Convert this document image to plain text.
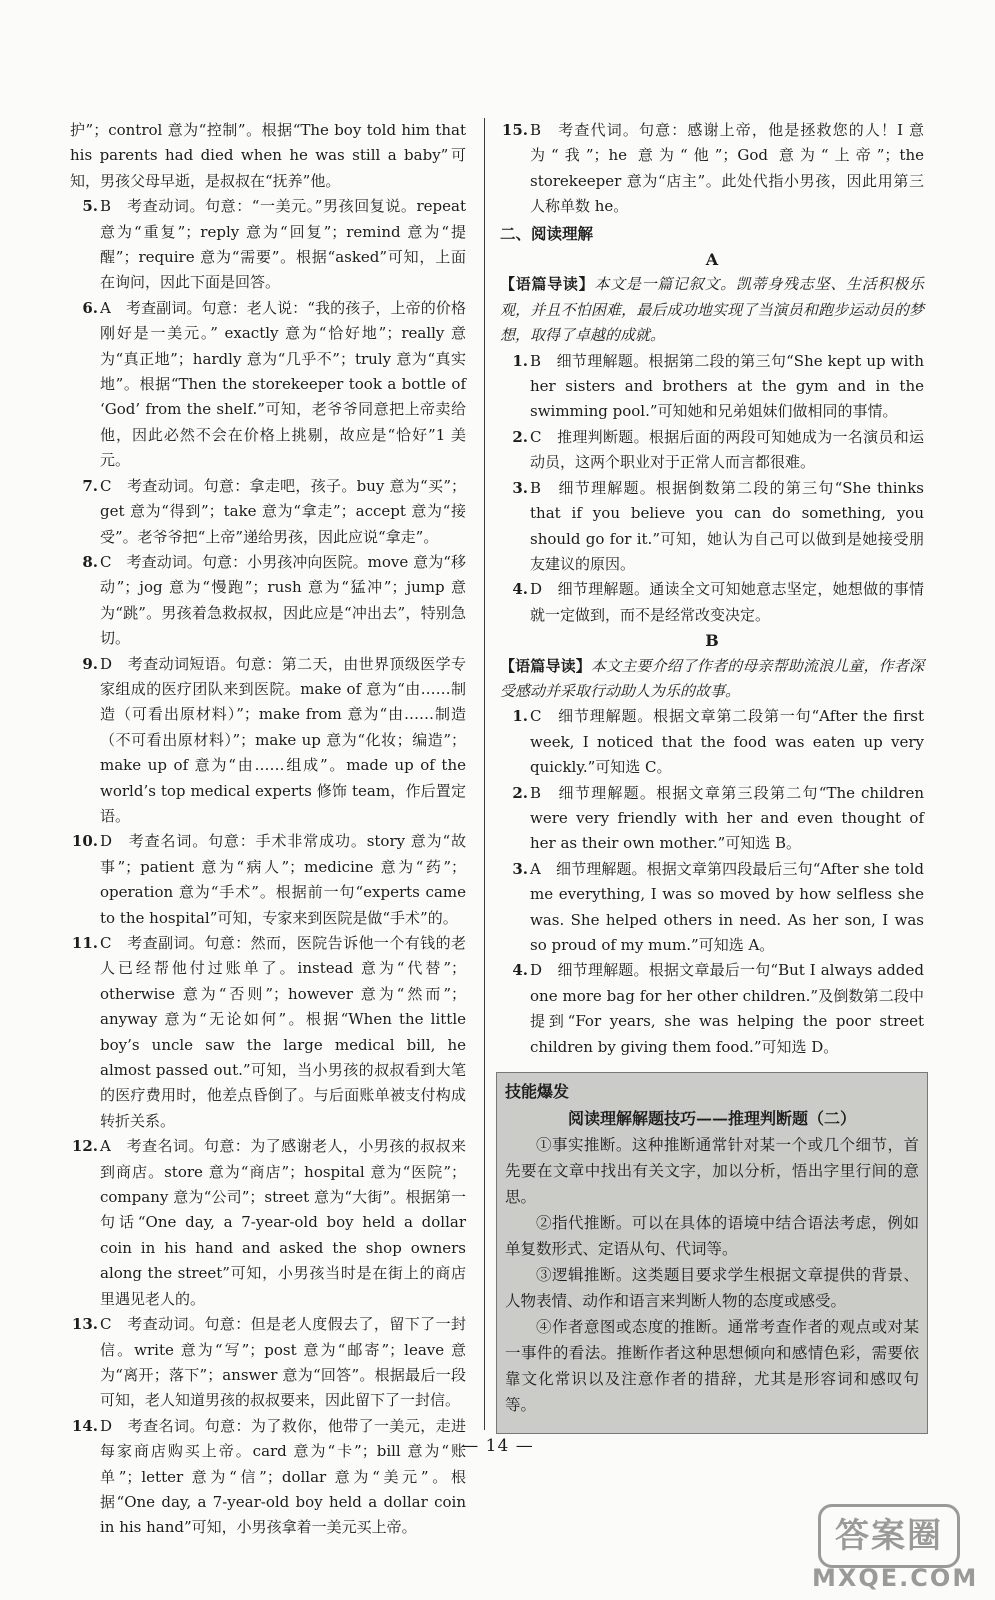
护”；control 意为“控制”。根据“The boy told him that his parents had died when he was still a baby”可知，男孩父母早逝，是叔叔在“抚养”他。

5. B　考查动词。句意：“一美元。”男孩回复说。repeat 意为“重复”；reply 意为“回复”；remind 意为“提醒”；require 意为“需要”。根据“asked”可知，上面在询问，因此下面是回答。
6. A　考查副词。句意：老人说：“我的孩子，上帝的价格刚好是一美元。” exactly 意为“恰好地”；really 意为“真正地”；hardly 意为“几乎不”；truly 意为“真实地”。根据“Then the storekeeper took a bottle of ‘God’ from the shelf.”可知，老爷爷同意把上帝卖给他，因此必然不会在价格上挑剔，故应是“恰好”1 美元。
7. C　考查动词。句意：拿走吧，孩子。buy 意为“买”；get 意为“得到”；take 意为“拿走”；accept 意为“接受”。老爷爷把“上帝”递给男孩，因此应说“拿走”。
8. C　考查动词。句意：小男孩冲向医院。move 意为“移动”；jog 意为“慢跑”；rush 意为“猛冲”；jump 意为“跳”。男孩着急救叔叔，因此应是“冲出去”，特别急切。
9. D　考查动词短语。句意：第二天，由世界顶级医学专家组成的医疗团队来到医院。make of 意为“由……制造（可看出原材料）”；make from 意为“由……制造（不可看出原材料）”；make up 意为“化妆；编造”；make up of 意为“由……组成”。made up of the world’s top medical experts 修饰 team，作后置定语。
10. D　考查名词。句意：手术非常成功。story 意为“故事”；patient 意为“病人”；medicine 意为“药”；operation 意为“手术”。根据前一句“experts came to the hospital”可知，专家来到医院是做“手术”的。
11. C　考查副词。句意：然而，医院告诉他一个有钱的老人已经帮他付过账单了。instead 意为“代替”；otherwise 意为“否则”；however 意为“然而”；anyway 意为“无论如何”。根据“When the little boy’s uncle saw the large medical bill, he almost passed out.”可知，当小男孩的叔叔看到大笔的医疗费用时，他差点昏倒了。与后面账单被支付构成转折关系。
12. A　考查名词。句意：为了感谢老人，小男孩的叔叔来到商店。store 意为“商店”；hospital 意为“医院”；company 意为“公司”；street 意为“大街”。根据第一句话“One day, a 7-year-old boy held a dollar coin in his hand and asked the shop owners along the street”可知，小男孩当时是在街上的商店里遇见老人的。
13. C　考查动词。句意：但是老人度假去了，留下了一封信。write 意为“写”；post 意为“邮寄”；leave 意为“离开；落下”；answer 意为“回答”。根据最后一段可知，老人知道男孩的叔叔要来，因此留下了一封信。
14. D　考查名词。句意：为了救你，他带了一美元，走进每家商店购买上帝。card 意为“卡”；bill 意为“账单”；letter 意为“信”；dollar 意为“美元”。根据“One day, a 7-year-old boy held a dollar coin in his hand”可知，小男孩拿着一美元买上帝。
15. B　考查代词。句意：感谢上帝，他是拯救您的人！I 意为“我”；he 意为“他”；God 意为“上帝”；the storekeeper 意为“店主”。此处代指小男孩，因此用第三人称单数 he。

二、阅读理解

A

【语篇导读】本文是一篇记叙文。凯蒂身残志坚、生活积极乐观，并且不怕困难，最后成功地实现了当演员和跑步运动员的梦想，取得了卓越的成就。

1. B　细节理解题。根据第二段的第三句“She kept up with her sisters and brothers at the gym and in the swimming pool.”可知她和兄弟姐妹们做相同的事情。
2. C　推理判断题。根据后面的两段可知她成为一名演员和运动员，这两个职业对于正常人而言都很难。
3. B　细节理解题。根据倒数第二段的第三句“She thinks that if you believe you can do something, you should go for it.”可知，她认为自己可以做到是她接受朋友建议的原因。
4. D　细节理解题。通读全文可知她意志坚定，她想做的事情就一定做到，而不是经常改变决定。

B

【语篇导读】本文主要介绍了作者的母亲帮助流浪儿童，作者深受感动并采取行动助人为乐的故事。

1. C　细节理解题。根据文章第二段第一句“After the first week, I noticed that the food was eaten up very quickly.”可知选 C。
2. B　细节理解题。根据文章第三段第二句“The children were very friendly with her and even thought of her as their own mother.”可知选 B。
3. A　细节理解题。根据文章第四段最后三句“After she told me everything, I was so moved by how selfless she was. She helped others in need. As her son, I was so proud of my mum.”可知选 A。
4. D　细节理解题。根据文章最后一句“But I always added one more bag for her other children.”及倒数第二段中提到“For years, she was helping the poor street children by giving them food.”可知选 D。
技能爆发
阅读理解解题技巧——推理判断题（二）

①事实推断。这种推断通常针对某一个或几个细节，首先要在文章中找出有关文字，加以分析，悟出字里行间的意思。

②指代推断。可以在具体的语境中结合语法考虑，例如单复数形式、定语从句、代词等。

③逻辑推断。这类题目要求学生根据文章提供的背景、人物表情、动作和语言来判断人物的态度或感受。

④作者意图或态度的推断。通常考查作者的观点或对某一事件的看法。推断作者这种思想倾向和感情色彩，需要依靠文化常识以及注意作者的措辞，尤其是形容词和感叹句等。

— 14 —
答案圈
MXQE.COM
